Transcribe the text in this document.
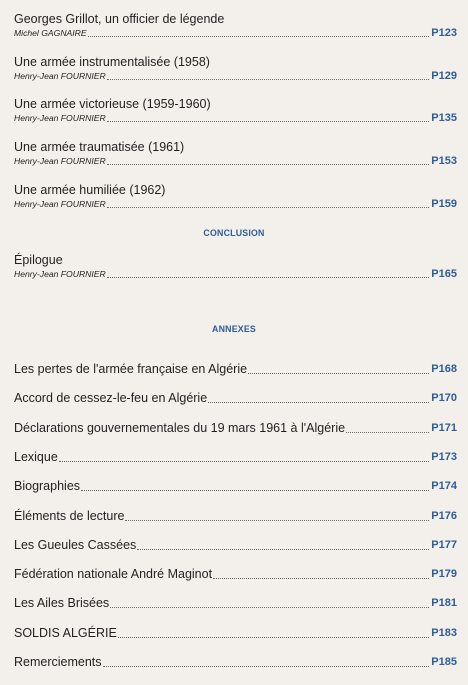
Georges Grillot, un officier de légende
Michel GAGNAIRE	P123
Une armée instrumentalisée (1958)
Henry-Jean FOURNIER	P129
Une armée victorieuse (1959-1960)
Henry-Jean FOURNIER	P135
Une armée traumatisée (1961)
Henry-Jean FOURNIER	P153
Une armée humiliée (1962)
Henry-Jean FOURNIER	P159
CONCLUSION
Épilogue
Henry-Jean FOURNIER	P165
ANNEXES
Les pertes de l'armée française en Algérie	P168
Accord de cessez-le-feu en Algérie	P170
Déclarations gouvernementales du 19 mars 1961 à l'Algérie	P171
Lexique	P173
Biographies	P174
Éléments de lecture	P176
Les Gueules Cassées	P177
Fédération nationale André Maginot	P179
Les Ailes Brisées	P181
SOLDIS ALGÉRIE	P183
Remerciements	P185
